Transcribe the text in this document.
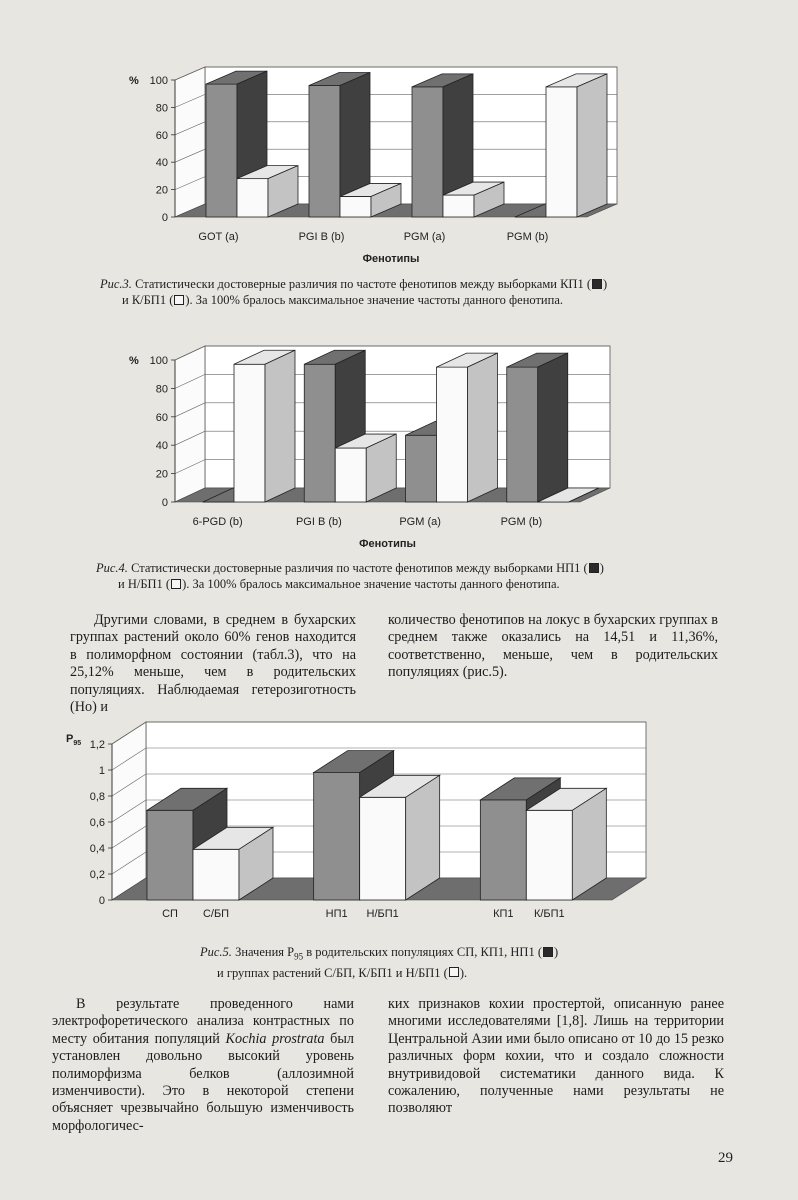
0
20
40
60
80
100
GOT (a)	PGI B (b)	PGM (a)	PGM (b)
%
Фенотипы
Рис.3. Статистически достоверные различия по частоте фенотипов между выборками КП1 ( )
и К/БП1 ( ). За 100% бралось максимальное значение частоты данного фенотипа.
0
20
40
60
80
100
6-PGD (b)	PGI B (b)	PGM (a)	PGM (b)
%
Фенотипы
Рис.4. Статистически достоверные различия по частоте фенотипов между выборками НП1 ( )
и Н/БП1 ( ). За 100% бралось максимальное значение частоты данного фенотипа.

Другими словами, в среднем в бухарских группах растений около 60% генов находится в полиморфном состоянии (табл.3), что на 25,12% меньше, чем в родительских популяциях. Наблюдаемая гетерозиготность (Ho) и

количество фенотипов на локус в бухарских группах в среднем также оказались на 14,51 и 11,36%, соответственно, меньше, чем в родительских популяциях (рис.5).

0
0,2
0,4
0,6
0,8
1
1,2
СП С/БП	НП1 Н/БП1	КП1 К/БП1
$P_{95}$
Рис.5. Значения $P_{95}$ в родительских популяциях СП, КП1, НП1 ( )
и группах растений С/БП, К/БП1 и Н/БП1 ( ).

В результате проведенного нами электрофоретического анализа контрастных по месту обитания популяций Kochia prostrata был установлен довольно высокий уровень полиморфизма белков (аллозимной изменчивости). Это в некоторой степени объясняет чрезвычайно большую изменчивость морфологичес-

ких признаков кохии простертой, описанную ранее многими исследователями [1,8]. Лишь на территории Центральной Азии ими было описано от 10 до 15 резко различных форм кохии, что и создало сложности внутривидовой систематики данного вида. К сожалению, полученные нами результаты не позволяют

29
